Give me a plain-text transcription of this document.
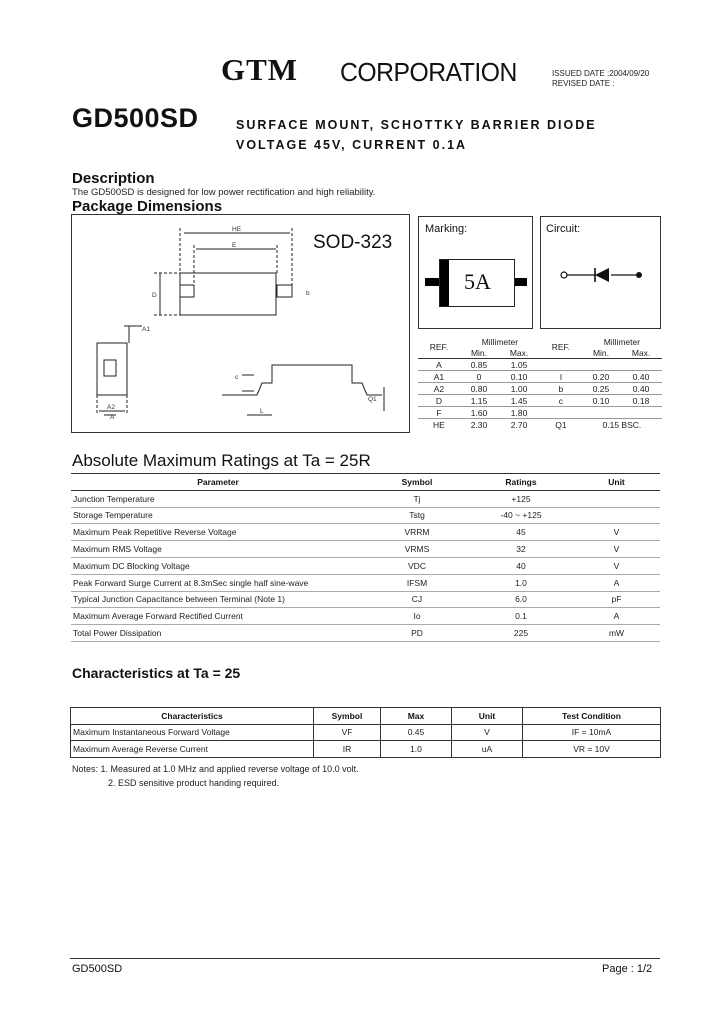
GTM CORPORATION	ISSUED DATE :2004/09/20
REVISED DATE :
GD500SD	SURFACE MOUNT, SCHOTTKY BARRIER DIODE
VOLTAGE 45V, CURRENT 0.1A
Description
The GD500SD is designed for low power rectification and high reliability.
Package Dimensions
HE
E
D	b
A1
A2
A
c
L
Q1
SOD-323
Marking:
5A
Circuit:
REF.	Millimeter		REF.	Millimeter	
	Min.	Max.		Min.	Max.
A	0.85	1.05			
A1	0	0.10	l	0.20	0.40
A2	0.80	1.00	b	0.25	0.40
D	1.15	1.45	c	0.10	0.18
F	1.60	1.80			
HE	2.30	2.70	Q1	0.15 BSC.	
Absolute Maximum Ratings at Ta = 25R
Parameter	Symbol	Ratings	Unit
Junction Temperature	Tj	+125	
Storage Temperature	Tstg	-40 ~ +125	
Maximum Peak Repetitive Reverse Voltage	VRRM	45	V
Maximum RMS Voltage	VRMS	32	V
Maximum DC Blocking Voltage	VDC	40	V
Peak Forward Surge Current at 8.3mSec single half sine-wave	IFSM	1.0	A
Typical Junction Capacitance between Terminal (Note 1)	CJ	6.0	pF
Maximum Average Forward Rectified Current	Io	0.1	A
Total Power Dissipation	PD	225	mW
Characteristics at Ta = 25
Characteristics	Symbol	Max	Unit	Test Condition
Maximum Instantaneous Forward Voltage	VF	0.45	V	IF = 10mA
Maximum Average Reverse Current	IR	1.0	uA	VR = 10V
Notes: 1. Measured at 1.0 MHz and applied reverse voltage of 10.0 volt.
2. ESD sensitive product handing required.
GD500SD	Page : 1/2
